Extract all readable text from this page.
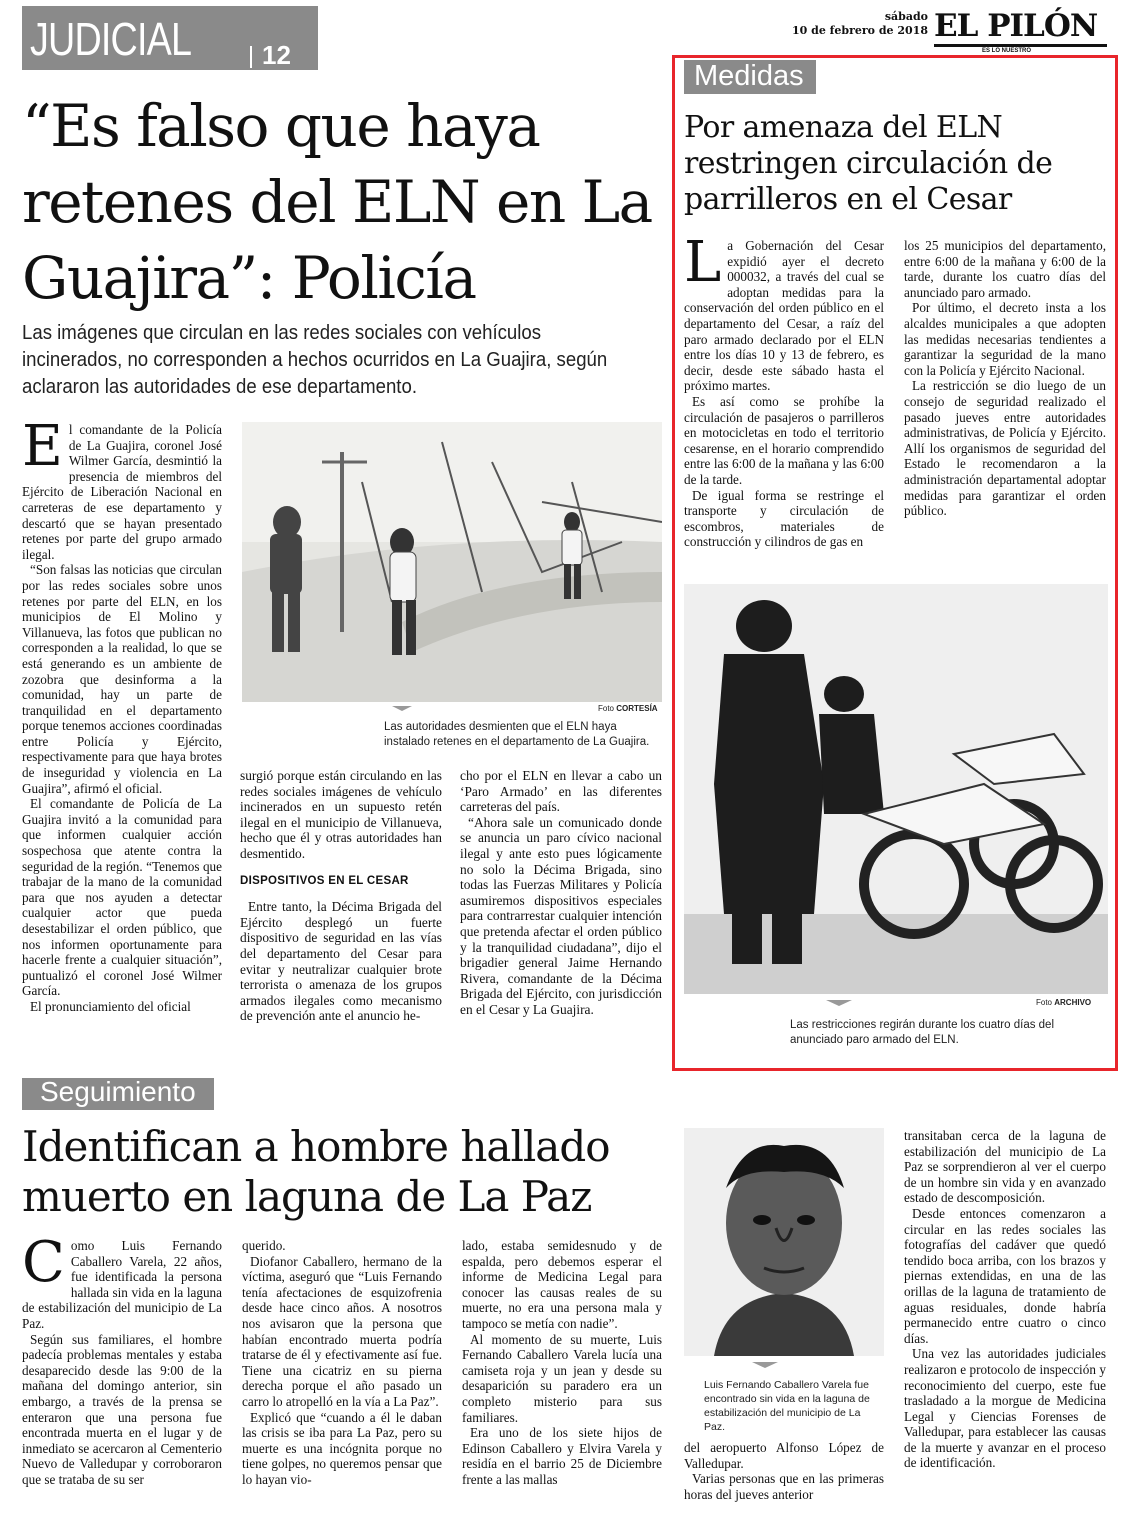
JUDICIAL	12
sábado
10 de febrero de 2018 EL PILÓN
ES LO NUESTRO
“Es falso que haya retenes del ELN en La Guajira”: Policía
Las imágenes que circulan en las redes sociales con vehículos incinerados, no corresponden a hechos ocurridos en La Guajira, según aclararon las autoridades de ese departamento.
E l comandante de la Policía de La Guajira, coronel José Wilmer García, desmintió la presencia de miembros del Ejército de Liberación Nacional en carreteras de ese departamento y descartó que se hayan presentado retenes por parte del grupo armado ilegal.

“Son falsas las noticias que circulan por las redes sociales sobre unos retenes por parte del ELN, en los municipios de El Molino y Villanueva, las fotos que publican no corresponden a la realidad, lo que se está generando es un ambiente de zozobra que desinforma a la comunidad, hay un parte de tranquilidad en el departamento porque tenemos acciones coordinadas entre Policía y Ejército, respectivamente para que haya brotes de inseguridad y violencia en La Guajira”, afirmó el oficial.

El comandante de Policía de La Guajira invitó a la comunidad para que informen cualquier acción sospechosa que atente contra la seguridad de la región. “Tenemos que trabajar de la mano de la comunidad para que nos ayuden a detectar cualquier actor que pueda desestabilizar el orden público, que nos informen oportunamente para hacerle frente a cualquier situación”, puntualizó el coronel José Wilmer García.

El pronunciamiento del oficial

Foto CORTESÍA
Las autoridades desmienten que el ELN haya instalado retenes en el departamento de La Guajira.

surgió porque están circulando en las redes sociales imágenes de vehículo incinerados en un supuesto retén ilegal en el municipio de Villanueva, hecho que él y otras autoridades han desmentido.

DISPOSITIVOS EN EL CESAR

Entre tanto, la Décima Brigada del Ejército desplegó un fuerte dispositivo de seguridad en las vías del departamento del Cesar para evitar y neutralizar cualquier brote terrorista o amenaza de los grupos armados ilegales como mecanismo de prevención ante el anuncio he-

cho por el ELN en llevar a cabo un ‘Paro Armado’ en las diferentes carreteras del país.

“Ahora sale un comunicado donde se anuncia un paro cívico nacional ilegal y ante esto pues lógicamente no solo la Décima Brigada, sino todas las Fuerzas Militares y Policía asumiremos dispositivos especiales para contrarrestar cualquier intención que pretenda afectar el orden público y la tranquilidad ciudadana”, dijo el brigadier general Jaime Hernando Rivera, comandante de la Décima Brigada del Ejército, con jurisdicción en el Cesar y La Guajira.

Medidas
Por amenaza del ELN restringen circulación de parrilleros en el Cesar
L a Gobernación del Cesar expidió ayer el decreto 000032, a través del cual se adoptan medidas para la conservación del orden público en el departamento del Cesar, a raíz del paro armado declarado por el ELN entre los días 10 y 13 de febrero, es decir, desde este sábado hasta el próximo martes.

Es así como se prohíbe la circulación de pasajeros o parrilleros en motocicletas en todo el territorio cesarense, en el horario comprendido entre las 6:00 de la mañana y las 6:00 de la tarde.

De igual forma se restringe el transporte y circulación de escombros, materiales de construcción y cilindros de gas en

los 25 municipios del departamento, entre 6:00 de la mañana y 6:00 de la tarde, durante los cuatro días del anunciado paro armado.

Por último, el decreto insta a los alcaldes municipales a que adopten las medidas necesarias tendientes a garantizar la seguridad de la mano con la Policía y Ejército Nacional.

La restricción se dio luego de un consejo de seguridad realizado el pasado jueves entre autoridades administrativas, de Policía y Ejército. Allí los organismos de seguridad del Estado le recomendaron a la administración departamental adoptar medidas para garantizar el orden público.

Foto ARCHIVO
Las restricciones regirán durante los cuatro días del anunciado paro armado del ELN.
Seguimiento
Identifican a hombre hallado muerto en laguna de La Paz
C omo Luis Fernando Caballero Varela, 22 años, fue identificada la persona hallada sin vida en la laguna de estabilización del municipio de La Paz.

Según sus familiares, el hombre padecía problemas mentales y estaba desaparecido desde las 9:00 de la mañana del domingo anterior, sin embargo, a través de la prensa se enteraron que una persona fue encontrada muerta en el lugar y de inmediato se acercaron al Cementerio Nuevo de Valledupar y corroboraron que se trataba de su ser

querido.

Diofanor Caballero, hermano de la víctima, aseguró que “Luis Fernando tenía afectaciones de esquizofrenia desde hace cinco años. A nosotros nos avisaron que la persona que habían encontrado muerta podría tratarse de él y efectivamente así fue. Tiene una cicatriz en su pierna derecha porque el año pasado un carro lo atropelló en la vía a La Paz”.

Explicó que “cuando a él le daban las crisis se iba para La Paz, pero su muerte es una incógnita porque no tiene golpes, no queremos pensar que lo hayan vio-

lado, estaba semidesnudo y de espalda, pero debemos esperar el informe de Medicina Legal para conocer las causas reales de su muerte, no era una persona mala y tampoco se metía con nadie”.

Al momento de su muerte, Luis Fernando Caballero Varela lucía una camiseta roja y un jean y desde su desaparición su paradero era un completo misterio para sus familiares.

Era uno de los siete hijos de Edinson Caballero y Elvira Varela y residía en el barrio 25 de Diciembre frente a las mallas

Luis Fernando Caballero Varela fue encontrado sin vida en la laguna de estabilización del municipio de La Paz.

del aeropuerto Alfonso López de Valledupar.

Varias personas que en las primeras horas del jueves anterior

transitaban cerca de la laguna de estabilización del municipio de La Paz se sorprendieron al ver el cuerpo de un hombre sin vida y en avanzado estado de descomposición.

Desde entonces comenzaron a circular en las redes sociales las fotografías del cadáver que quedó tendido boca arriba, con los brazos y piernas extendidas, en una de las orillas de la laguna de tratamiento de aguas residuales, donde habría permanecido entre cuatro o cinco días.

Una vez las autoridades judiciales realizaron e protocolo de inspección y reconocimiento del cuerpo, este fue trasladado a la morgue de Medicina Legal y Ciencias Forenses de Valledupar, para establecer las causas de la muerte y avanzar en el proceso de identificación.
